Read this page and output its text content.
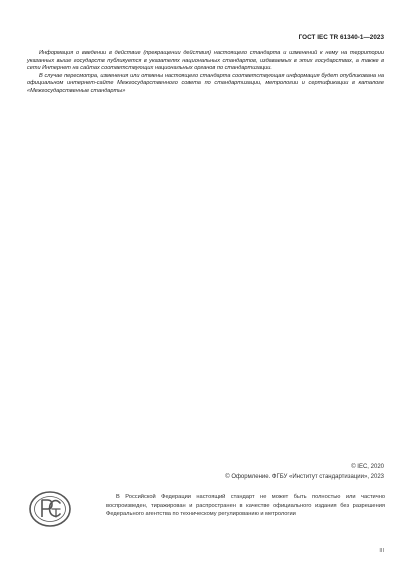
ГОСТ IEC TR 61340-1—2023

Информация о введении в действие (прекращении действия) настоящего стандарта и изменений к нему на территории указанных выше государств публикуется в указателях национальных стандартов, издаваемых в этих государствах, а также в сети Интернет на сайтах соответствующих национальных органов по стандартизации.

В случае пересмотра, изменения или отмены настоящего стандарта соответствующая информация будет опубликована на официальном интернет-сайте Межгосударственного совета по стандартизации, метрологии и сертификации в каталоге «Межгосударственные стандарты»

© IEC, 2020
© Оформление. ФГБУ «Институт стандартизации», 2023

В Российской Федерации настоящий стандарт не может быть полностью или частично воспроизведен, тиражирован и распространен в качестве официального издания без разрешения Федерального агентства по техническому регулированию и метрологии

III
